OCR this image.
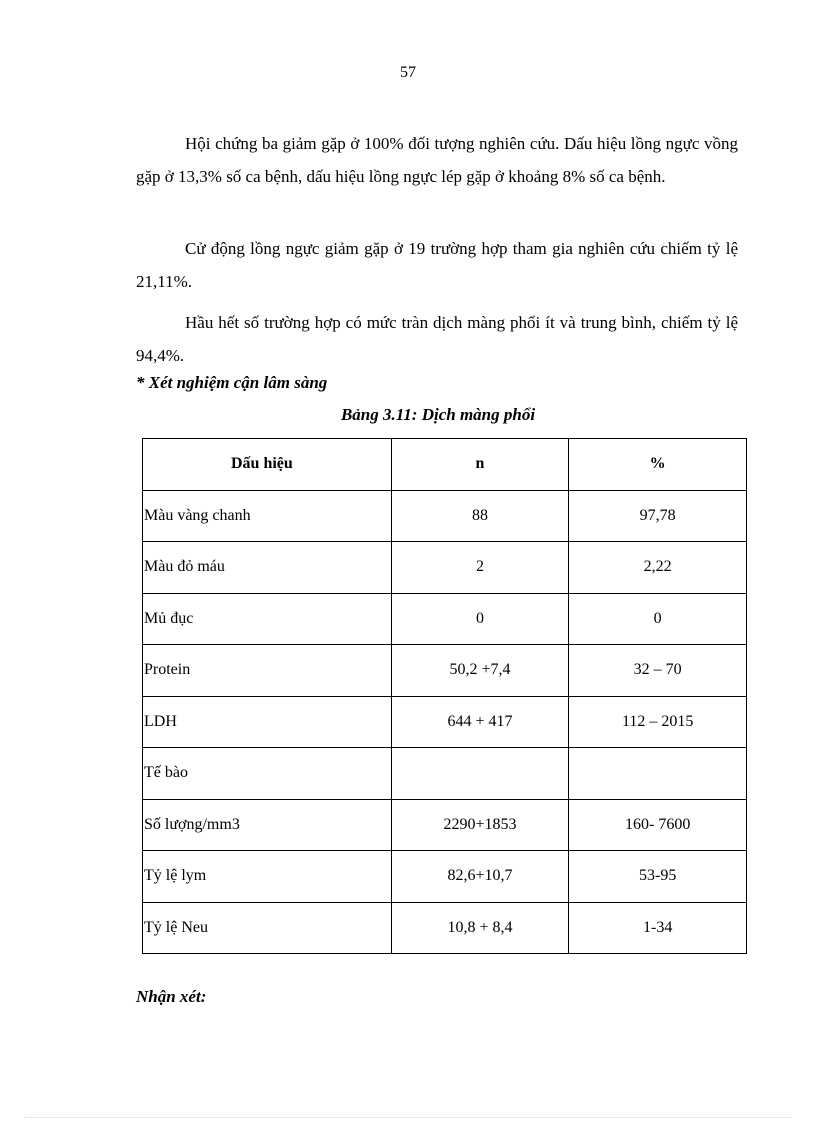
57

Hội chứng ba giảm gặp ở 100% đối tượng nghiên cứu. Dấu hiệu lồng ngực vồng gặp ở 13,3% số ca bệnh, dấu hiệu lồng ngực lép gặp ở khoảng 8% số ca bệnh.

Cử động lồng ngực giảm gặp ở 19 trường hợp tham gia nghiên cứu chiếm tỷ lệ 21,11%.

Hầu hết số trường hợp có mức tràn dịch màng phổi ít và trung bình, chiếm tỷ lệ 94,4%.

* Xét nghiệm cận lâm sàng

Bảng 3.11: Dịch màng phổi

Dấu hiệu	n	%
Màu vàng chanh	88	97,78
Màu đỏ máu	2	2,22
Mủ đục	0	0
Protein	50,2 +7,4	32 – 70
LDH	644 + 417	112 – 2015
Tế bào		
Số lượng/mm3	2290+1853	160- 7600
Tỷ lệ lym	82,6+10,7	53-95
Tỷ lệ Neu	10,8 + 8,4	1-34

Nhận xét:
